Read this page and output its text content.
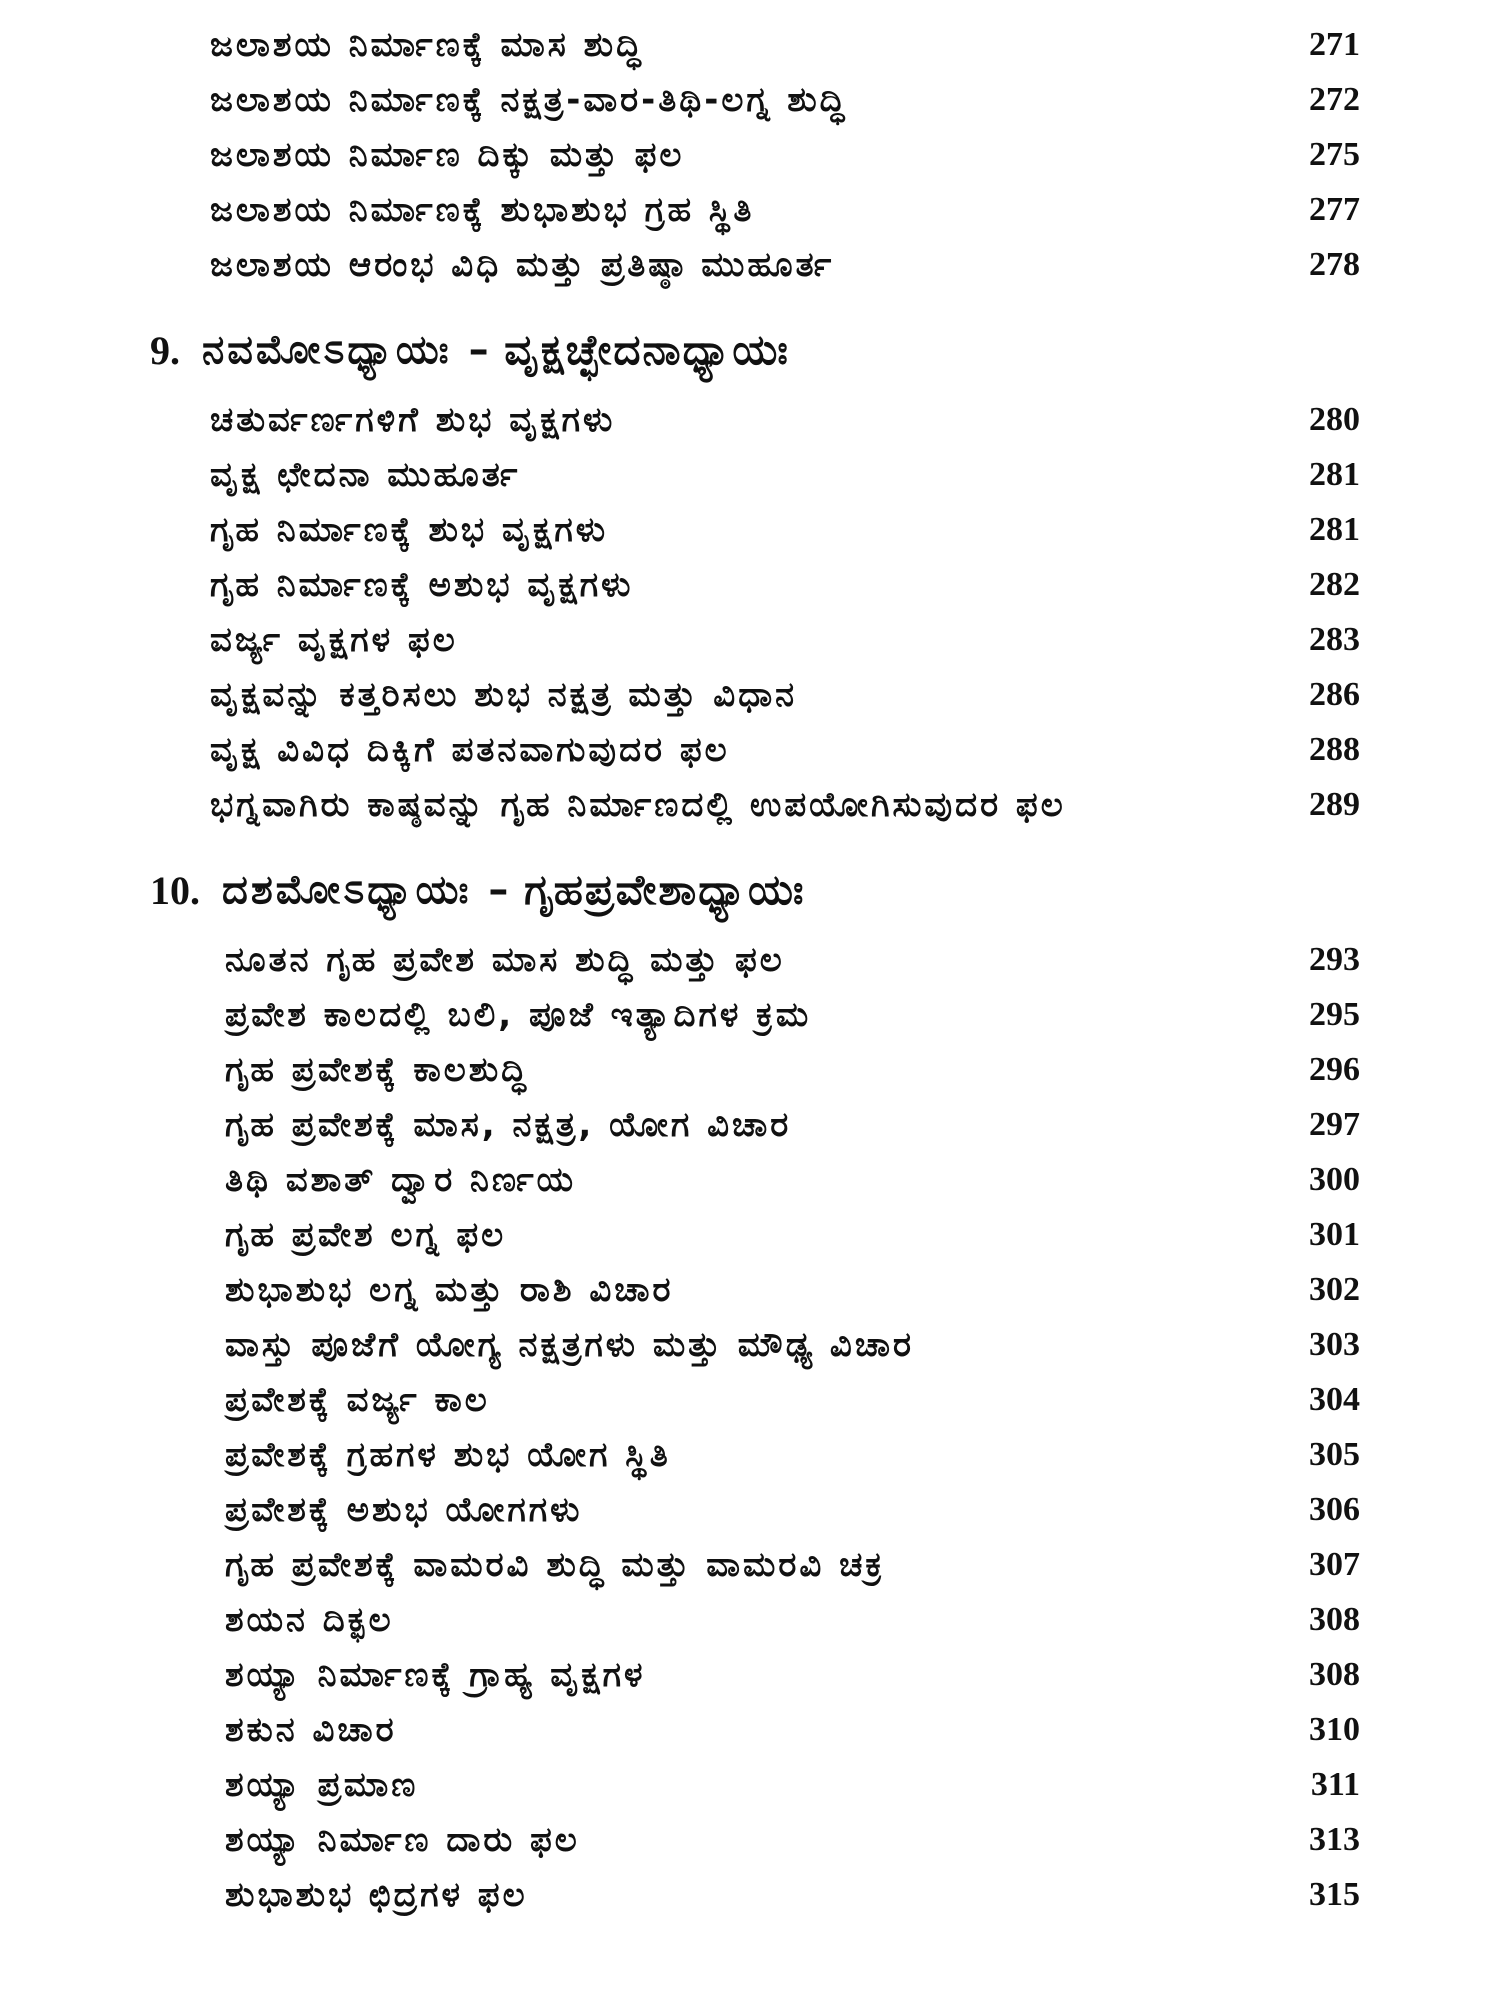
ಜಲಾಶಯ ನಿರ್ಮಾಣಕ್ಕೆ ಮಾಸ ಶುದ್ಧಿ	271
ಜಲಾಶಯ ನಿರ್ಮಾಣಕ್ಕೆ ನಕ್ಷತ್ರ-ವಾರ-ತಿಥಿ-ಲಗ್ನ ಶುದ್ಧಿ	272
ಜಲಾಶಯ ನಿರ್ಮಾಣ ದಿಕ್ಕು ಮತ್ತು ಫಲ	275
ಜಲಾಶಯ ನಿರ್ಮಾಣಕ್ಕೆ ಶುಭಾಶುಭ ಗ್ರಹ ಸ್ಥಿತಿ	277
ಜಲಾಶಯ ಆರಂಭ ವಿಧಿ ಮತ್ತು ಪ್ರತಿಷ್ಠಾ ಮುಹೂರ್ತ	278
9. ನವಮೋಽಧ್ಯಾಯಃ –
ವೃಕ್ಷಚ್ಛೇದನಾಧ್ಯಾಯಃ
ಚತುರ್ವರ್ಣಗಳಿಗೆ ಶುಭ ವೃಕ್ಷಗಳು	280
ವೃಕ್ಷ ಛೇದನಾ ಮುಹೂರ್ತ	281
ಗೃಹ ನಿರ್ಮಾಣಕ್ಕೆ ಶುಭ ವೃಕ್ಷಗಳು	281
ಗೃಹ ನಿರ್ಮಾಣಕ್ಕೆ ಅಶುಭ ವೃಕ್ಷಗಳು	282
ವರ್ಜ್ಯ ವೃಕ್ಷಗಳ ಫಲ	283
ವೃಕ್ಷವನ್ನು ಕತ್ತರಿಸಲು ಶುಭ ನಕ್ಷತ್ರ ಮತ್ತು ವಿಧಾನ	286
ವೃಕ್ಷ ವಿವಿಧ ದಿಕ್ಕಿಗೆ ಪತನವಾಗುವುದರ ಫಲ	288
ಭಗ್ನವಾಗಿರು ಕಾಷ್ಠವನ್ನು ಗೃಹ ನಿರ್ಮಾಣದಲ್ಲಿ ಉಪಯೋಗಿಸುವುದರ ಫಲ	289
10. ದಶಮೋಽಧ್ಯಾಯಃ –
ಗೃಹಪ್ರವೇಶಾಧ್ಯಾಯಃ
ನೂತನ ಗೃಹ ಪ್ರವೇಶ ಮಾಸ ಶುದ್ಧಿ ಮತ್ತು ಫಲ	293
ಪ್ರವೇಶ ಕಾಲದಲ್ಲಿ ಬಲಿ, ಪೂಜೆ ಇತ್ಯಾದಿಗಳ ಕ್ರಮ	295
ಗೃಹ ಪ್ರವೇಶಕ್ಕೆ ಕಾಲಶುದ್ಧಿ	296
ಗೃಹ ಪ್ರವೇಶಕ್ಕೆ ಮಾಸ, ನಕ್ಷತ್ರ, ಯೋಗ ವಿಚಾರ	297
ತಿಥಿ ವಶಾತ್ ದ್ವಾರ ನಿರ್ಣಯ	300
ಗೃಹ ಪ್ರವೇಶ ಲಗ್ನ ಫಲ	301
ಶುಭಾಶುಭ ಲಗ್ನ ಮತ್ತು ರಾಶಿ ವಿಚಾರ	302
ವಾಸ್ತು ಪೂಜೆಗೆ ಯೋಗ್ಯ ನಕ್ಷತ್ರಗಳು ಮತ್ತು ಮೌಢ್ಯ ವಿಚಾರ	303
ಪ್ರವೇಶಕ್ಕೆ ವರ್ಜ್ಯ ಕಾಲ	304
ಪ್ರವೇಶಕ್ಕೆ ಗ್ರಹಗಳ ಶುಭ ಯೋಗ ಸ್ಥಿತಿ	305
ಪ್ರವೇಶಕ್ಕೆ ಅಶುಭ ಯೋಗಗಳು	306
ಗೃಹ ಪ್ರವೇಶಕ್ಕೆ ವಾಮರವಿ ಶುದ್ಧಿ ಮತ್ತು ವಾಮರವಿ ಚಕ್ರ	307
ಶಯನ ದಿಕ್ಫಲ	308
ಶಯ್ಯಾ ನಿರ್ಮಾಣಕ್ಕೆ ಗ್ರಾಹ್ಯ ವೃಕ್ಷಗಳ	308
ಶಕುನ ವಿಚಾರ	310
ಶಯ್ಯಾ ಪ್ರಮಾಣ	311
ಶಯ್ಯಾ ನಿರ್ಮಾಣ ದಾರು ಫಲ	313
ಶುಭಾಶುಭ ಛಿದ್ರಗಳ ಫಲ	315
